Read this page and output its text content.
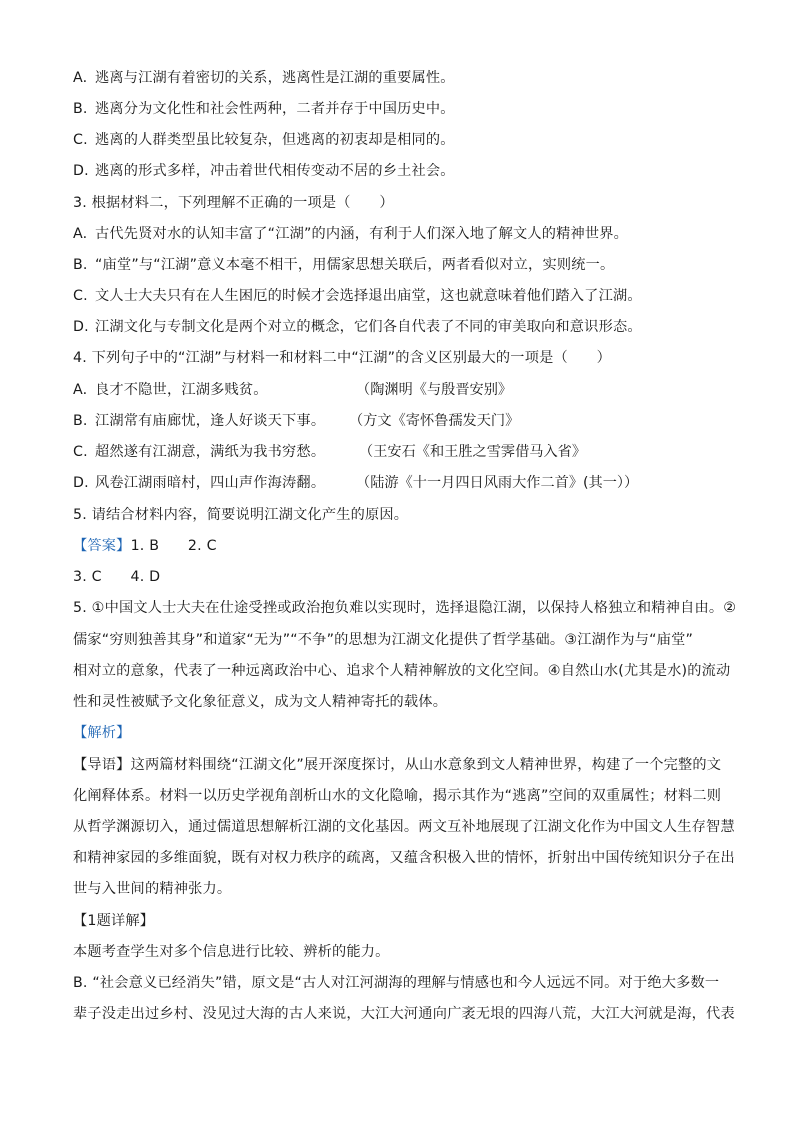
A. 逃离与江湖有着密切的关系，逃离性是江湖的重要属性。
B. 逃离分为文化性和社会性两种，二者并存于中国历史中。
C. 逃离的人群类型虽比较复杂，但逃离的初衷却是相同的。
D. 逃离的形式多样，冲击着世代相传变动不居的乡土社会。
3. 根据材料二，下列理解不正确的一项是（　　）
A. 古代先贤对水的认知丰富了“江湖”的内涵，有利于人们深入地了解文人的精神世界。
B. “庙堂”与“江湖”意义本毫不相干，用儒家思想关联后，两者看似对立，实则统一。
C. 文人士大夫只有在人生困厄的时候才会选择退出庙堂，这也就意味着他们踏入了江湖。
D. 江湖文化与专制文化是两个对立的概念，它们各自代表了不同的审美取向和意识形态。
4. 下列句子中的“江湖”与材料一和材料二中“江湖”的含义区别最大的一项是（　　）
A. 良才不隐世，江湖多贱贫。	（陶渊明《与殷晋安别》
B. 江湖常有庙廊忧，逢人好谈天下事。 （方文《寄怀鲁孺发天门》
C. 超然遂有江湖意，满纸为我书穷愁。 （王安石《和王胜之雪霁借马入省》
D. 风卷江湖雨暗村，四山声作海涛翻。 （陆游《十一月四日风雨大作二首》(其一））
5. 请结合材料内容，简要说明江湖文化产生的原因。
【答案】1. B　　2. C
3. C　　4. D
5. ①中国文人士大夫在仕途受挫或政治抱负难以实现时，选择退隐江湖，以保持人格独立和精神自由。②
儒家“穷则独善其身”和道家“无为”“不争”的思想为江湖文化提供了哲学基础。③江湖作为与“庙堂”
相对立的意象，代表了一种远离政治中心、追求个人精神解放的文化空间。④自然山水(尤其是水)的流动
性和灵性被赋予文化象征意义，成为文人精神寄托的载体。
【解析】
【导语】这两篇材料围绕“江湖文化”展开深度探讨，从山水意象到文人精神世界，构建了一个完整的文
化阐释体系。材料一以历史学视角剖析山水的文化隐喻，揭示其作为“逃离”空间的双重属性；材料二则
从哲学渊源切入，通过儒道思想解析江湖的文化基因。两文互补地展现了江湖文化作为中国文人生存智慧
和精神家园的多维面貌，既有对权力秩序的疏离，又蕴含积极入世的情怀，折射出中国传统知识分子在出
世与入世间的精神张力。
【1题详解】
本题考查学生对多个信息进行比较、辨析的能力。
B. “社会意义已经消失”错，原文是“古人对江河湖海的理解与情感也和今人远远不同。对于绝大多数一
辈子没走出过乡村、没见过大海的古人来说，大江大河通向广袤无垠的四海八荒，大江大河就是海，代表
